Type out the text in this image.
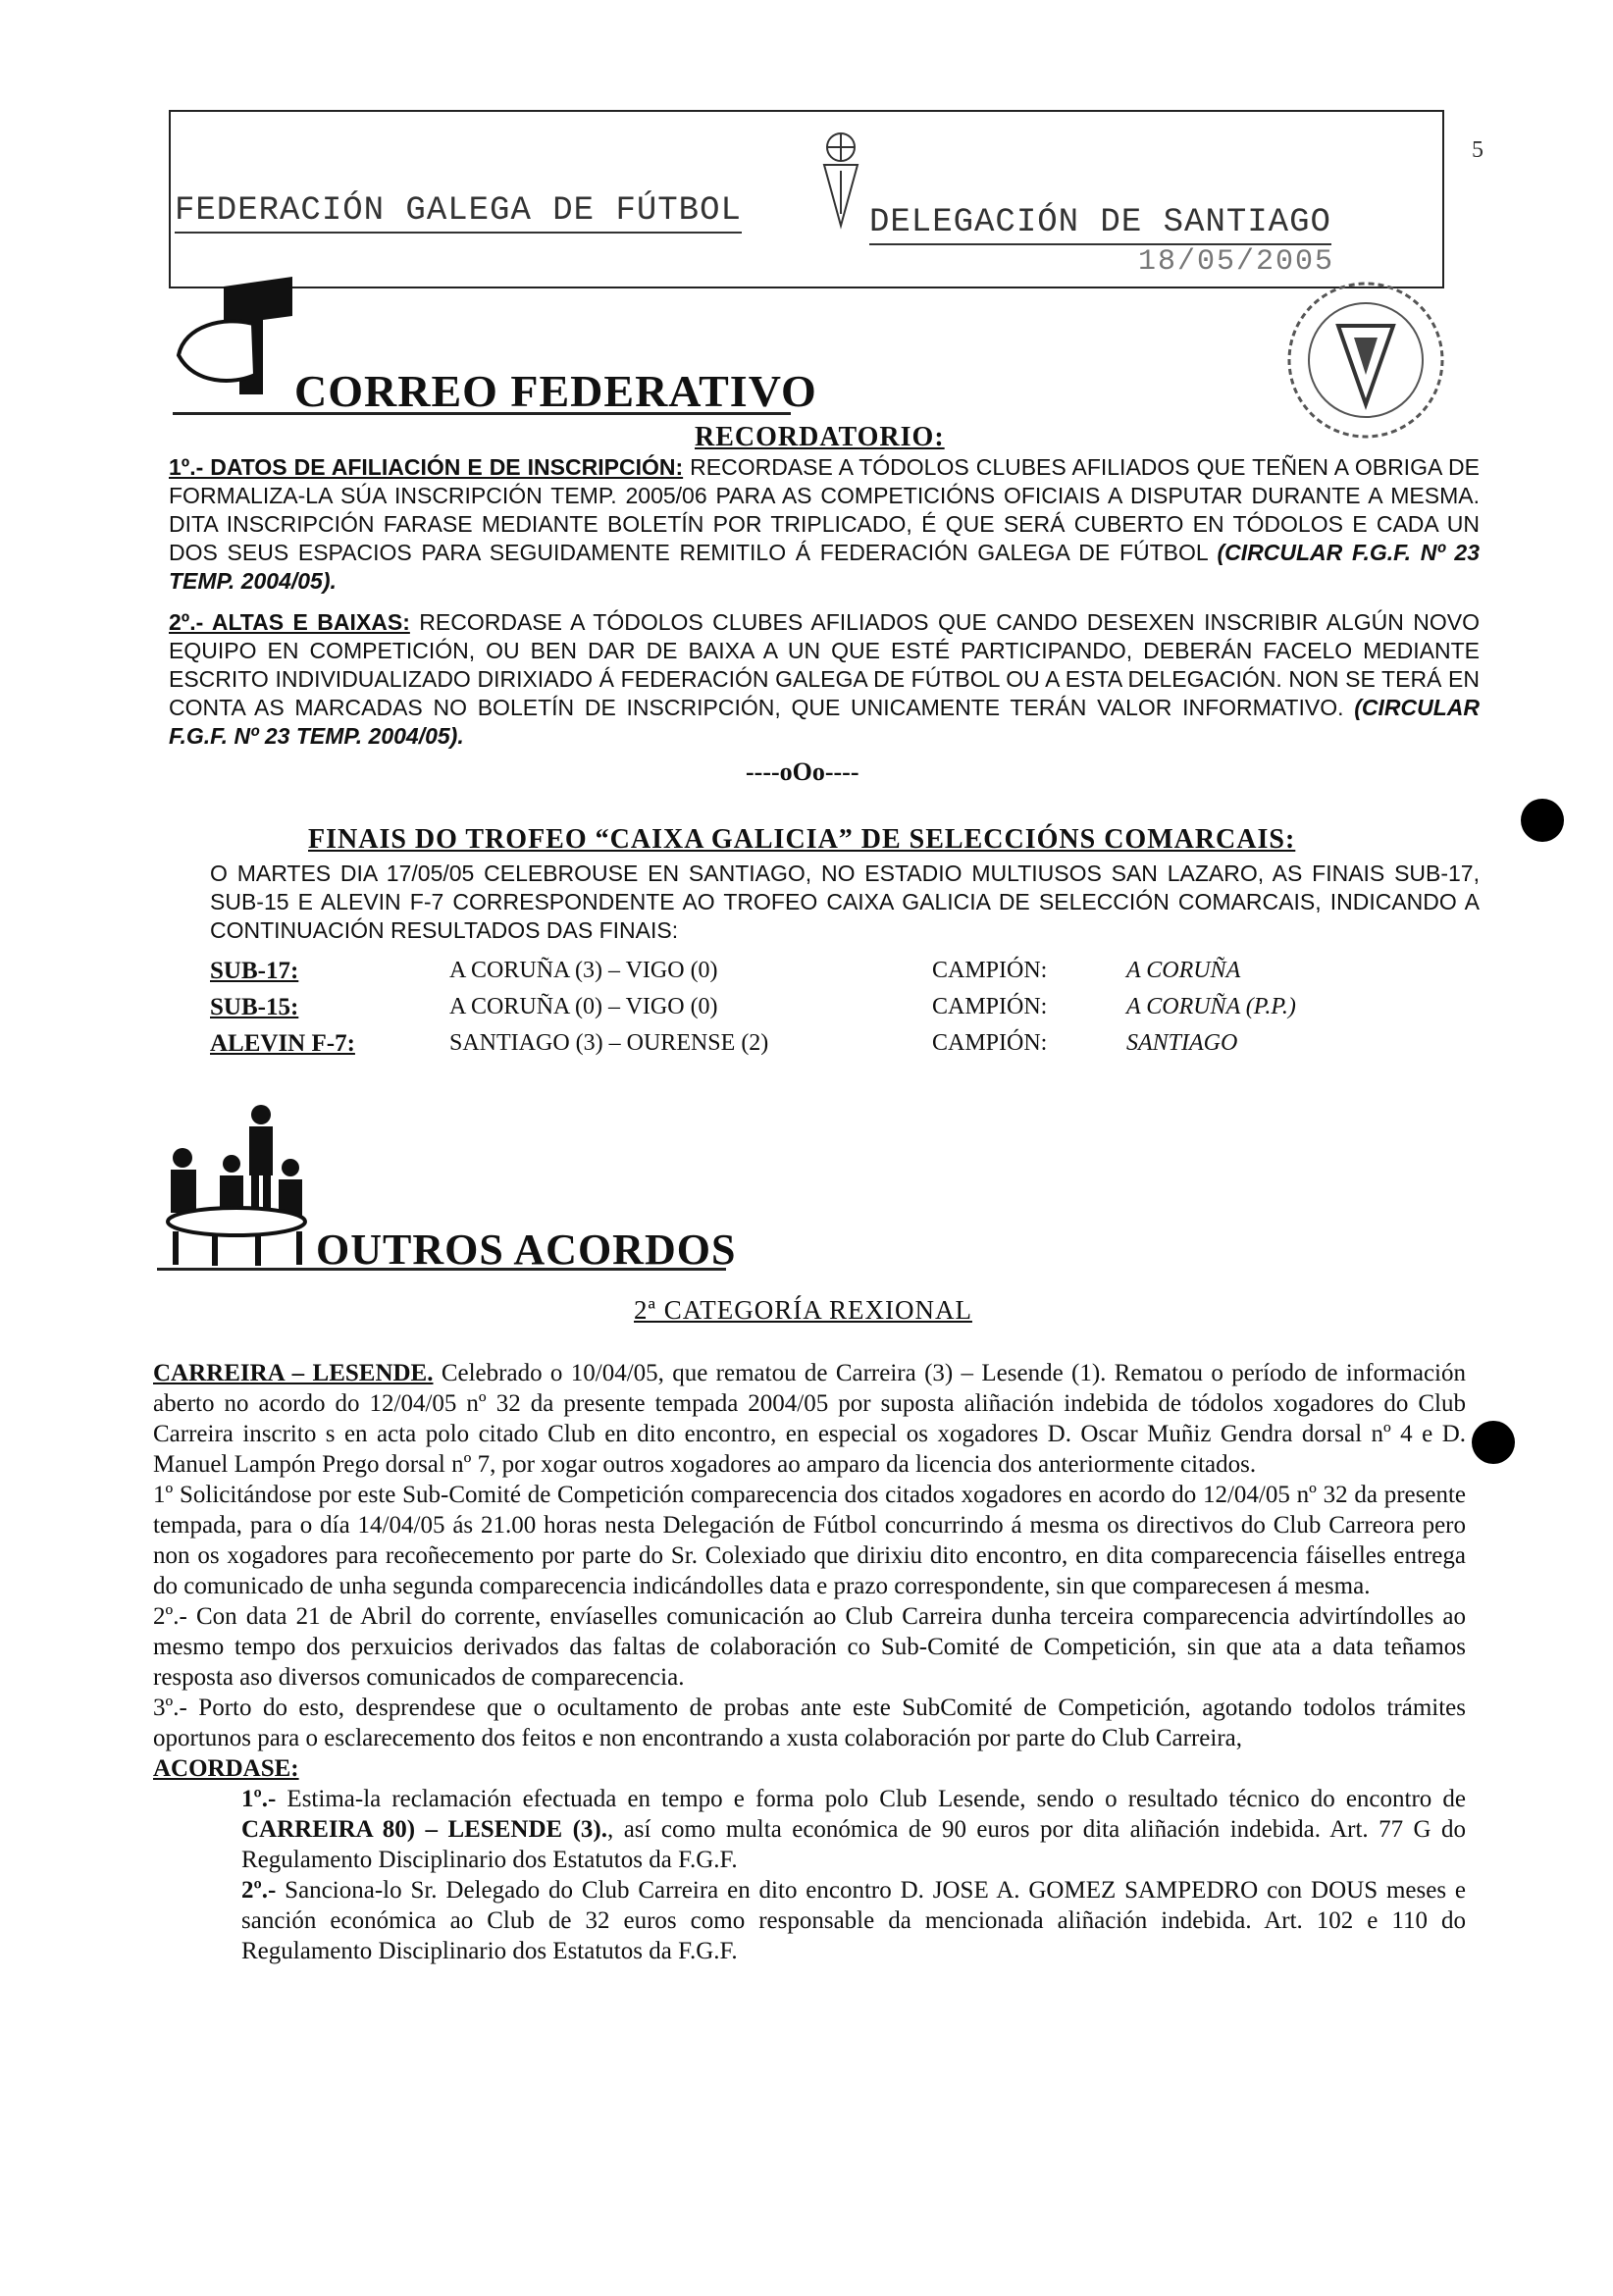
FEDERACIÓN GALEGA DE FÚTBOL	DELEGACIÓN DE SANTIAGO
18/05/2005
5
CORREO FEDERATIVO
RECORDATORIO:
1º.- DATOS DE AFILIACIÓN E DE INSCRIPCIÓN: RECORDASE A TÓDOLOS CLUBES AFILIADOS QUE TEÑEN A OBRIGA DE FORMALIZA-LA SÚA INSCRIPCIÓN TEMP. 2005/06 PARA AS COMPETICIÓNS OFICIAIS A DISPUTAR DURANTE A MESMA. DITA INSCRIPCIÓN FARASE MEDIANTE BOLETÍN POR TRIPLICADO, É QUE SERÁ CUBERTO EN TÓDOLOS E CADA UN DOS SEUS ESPACIOS PARA SEGUIDAMENTE REMITILO Á FEDERACIÓN GALEGA DE FÚTBOL (CIRCULAR F.G.F. Nº 23 TEMP. 2004/05).
2º.- ALTAS E BAIXAS: RECORDASE A TÓDOLOS CLUBES AFILIADOS QUE CANDO DESEXEN INSCRIBIR ALGÚN NOVO EQUIPO EN COMPETICIÓN, OU BEN DAR DE BAIXA A UN QUE ESTÉ PARTICIPANDO, DEBERÁN FACELO MEDIANTE ESCRITO INDIVIDUALIZADO DIRIXIADO Á FEDERACIÓN GALEGA DE FÚTBOL OU A ESTA DELEGACIÓN. NON SE TERÁ EN CONTA AS MARCADAS NO BOLETÍN DE INSCRIPCIÓN, QUE UNICAMENTE TERÁN VALOR INFORMATIVO. (CIRCULAR F.G.F. Nº 23 TEMP. 2004/05).
----oOo----
FINAIS DO TROFEO “CAIXA GALICIA” DE SELECCIÓNS COMARCAIS:
O MARTES DIA 17/05/05 CELEBROUSE EN SANTIAGO, NO ESTADIO MULTIUSOS SAN LAZARO, AS FINAIS SUB-17, SUB-15 E ALEVIN F-7 CORRESPONDENTE AO TROFEO CAIXA GALICIA DE SELECCIÓN COMARCAIS, INDICANDO A CONTINUACIÓN RESULTADOS DAS FINAIS:
SUB-17:	A CORUÑA (3) – VIGO (0)	CAMPIÓN:	A CORUÑA
SUB-15:	A CORUÑA (0) – VIGO (0)	CAMPIÓN:	A CORUÑA (P.P.)
ALEVIN F-7:	SANTIAGO (3) – OURENSE (2)	CAMPIÓN:	SANTIAGO
OUTROS ACORDOS
2ª CATEGORÍA REXIONAL

CARREIRA – LESENDE. Celebrado o 10/04/05, que rematou de Carreira (3) – Lesende (1). Rematou o período de información aberto no acordo do 12/04/05 nº 32 da presente tempada 2004/05 por suposta aliñación indebida de tódolos xogadores do Club Carreira inscrito s en acta polo citado Club en dito encontro, en especial os xogadores D. Oscar Muñiz Gendra dorsal nº 4 e D. Manuel Lampón Prego dorsal nº 7, por xogar outros xogadores ao amparo da licencia dos anteriormente citados.

1º Solicitándose por este Sub-Comité de Competición comparecencia dos citados xogadores en acordo do 12/04/05 nº 32 da presente tempada, para o día 14/04/05 ás 21.00 horas nesta Delegación de Fútbol concurrindo á mesma os directivos do Club Carreora pero non os xogadores para recoñecemento por parte do Sr. Colexiado que dirixiu dito encontro, en dita comparecencia fáiselles entrega do comunicado de unha segunda comparecencia indicándolles data e prazo correspondente, sin que comparecesen á mesma.

2º.- Con data 21 de Abril do corrente, envíaselles comunicación ao Club Carreira dunha terceira comparecencia advirtíndolles ao mesmo tempo dos perxuicios derivados das faltas de colaboración co Sub-Comité de Competición, sin que ata a data teñamos resposta aso diversos comunicados de comparecencia.

3º.- Porto do esto, desprendese que o ocultamento de probas ante este SubComité de Competición, agotando todolos trámites oportunos para o esclarecemento dos feitos e non encontrando a xusta colaboración por parte do Club Carreira,

ACORDASE:

1º.- Estima-la reclamación efectuada en tempo e forma polo Club Lesende, sendo o resultado técnico do encontro de CARREIRA 80) – LESENDE (3)., así como multa económica de 90 euros por dita aliñación indebida. Art. 77 G do Regulamento Disciplinario dos Estatutos da F.G.F.

2º.- Sanciona-lo Sr. Delegado do Club Carreira en dito encontro D. JOSE A. GOMEZ SAMPEDRO con DOUS meses e sanción económica ao Club de 32 euros como responsable da mencionada aliñación indebida. Art. 102 e 110 do Regulamento Disciplinario dos Estatutos da F.G.F.
